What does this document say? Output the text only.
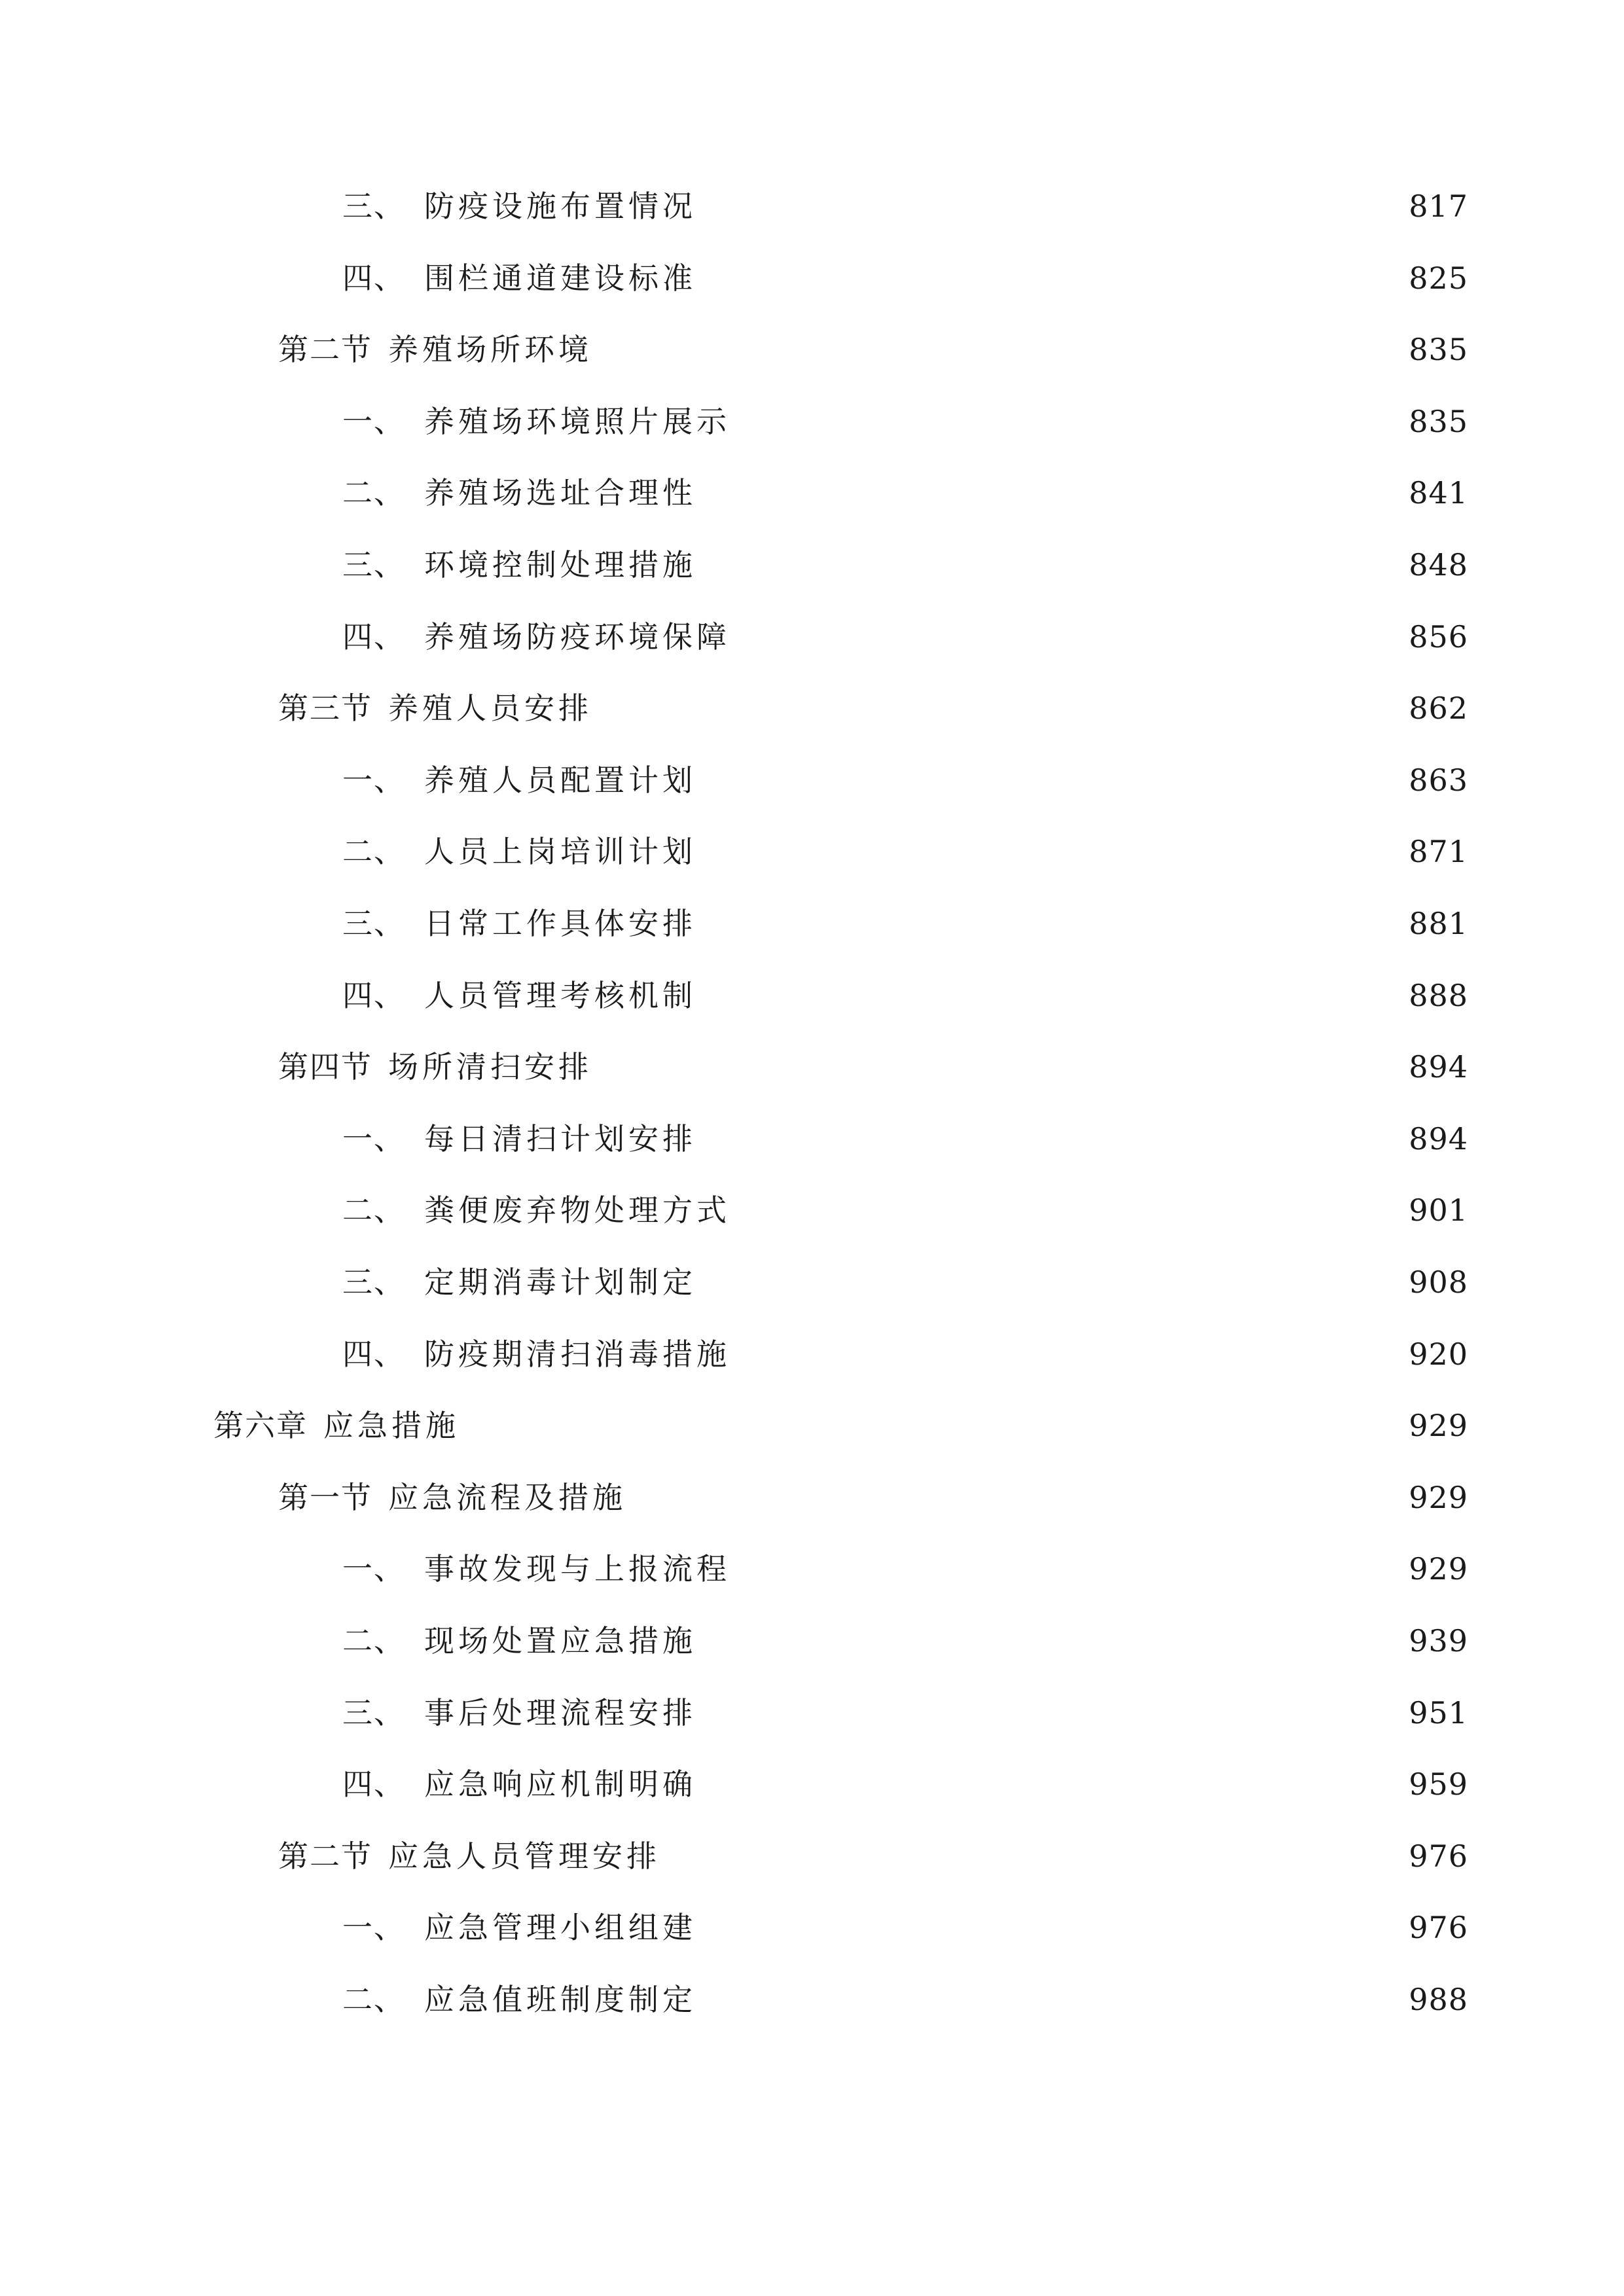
三、 防疫设施布置情况	817
四、 围栏通道建设标准	825
第二节 养殖场所环境	835
一、 养殖场环境照片展示	835
二、 养殖场选址合理性	841
三、 环境控制处理措施	848
四、 养殖场防疫环境保障	856
第三节 养殖人员安排	862
一、 养殖人员配置计划	863
二、 人员上岗培训计划	871
三、 日常工作具体安排	881
四、 人员管理考核机制	888
第四节 场所清扫安排	894
一、 每日清扫计划安排	894
二、 粪便废弃物处理方式	901
三、 定期消毒计划制定	908
四、 防疫期清扫消毒措施	920
第六章 应急措施	929
第一节 应急流程及措施	929
一、 事故发现与上报流程	929
二、 现场处置应急措施	939
三、 事后处理流程安排	951
四、 应急响应机制明确	959
第二节 应急人员管理安排	976
一、 应急管理小组组建	976
二、 应急值班制度制定	988
